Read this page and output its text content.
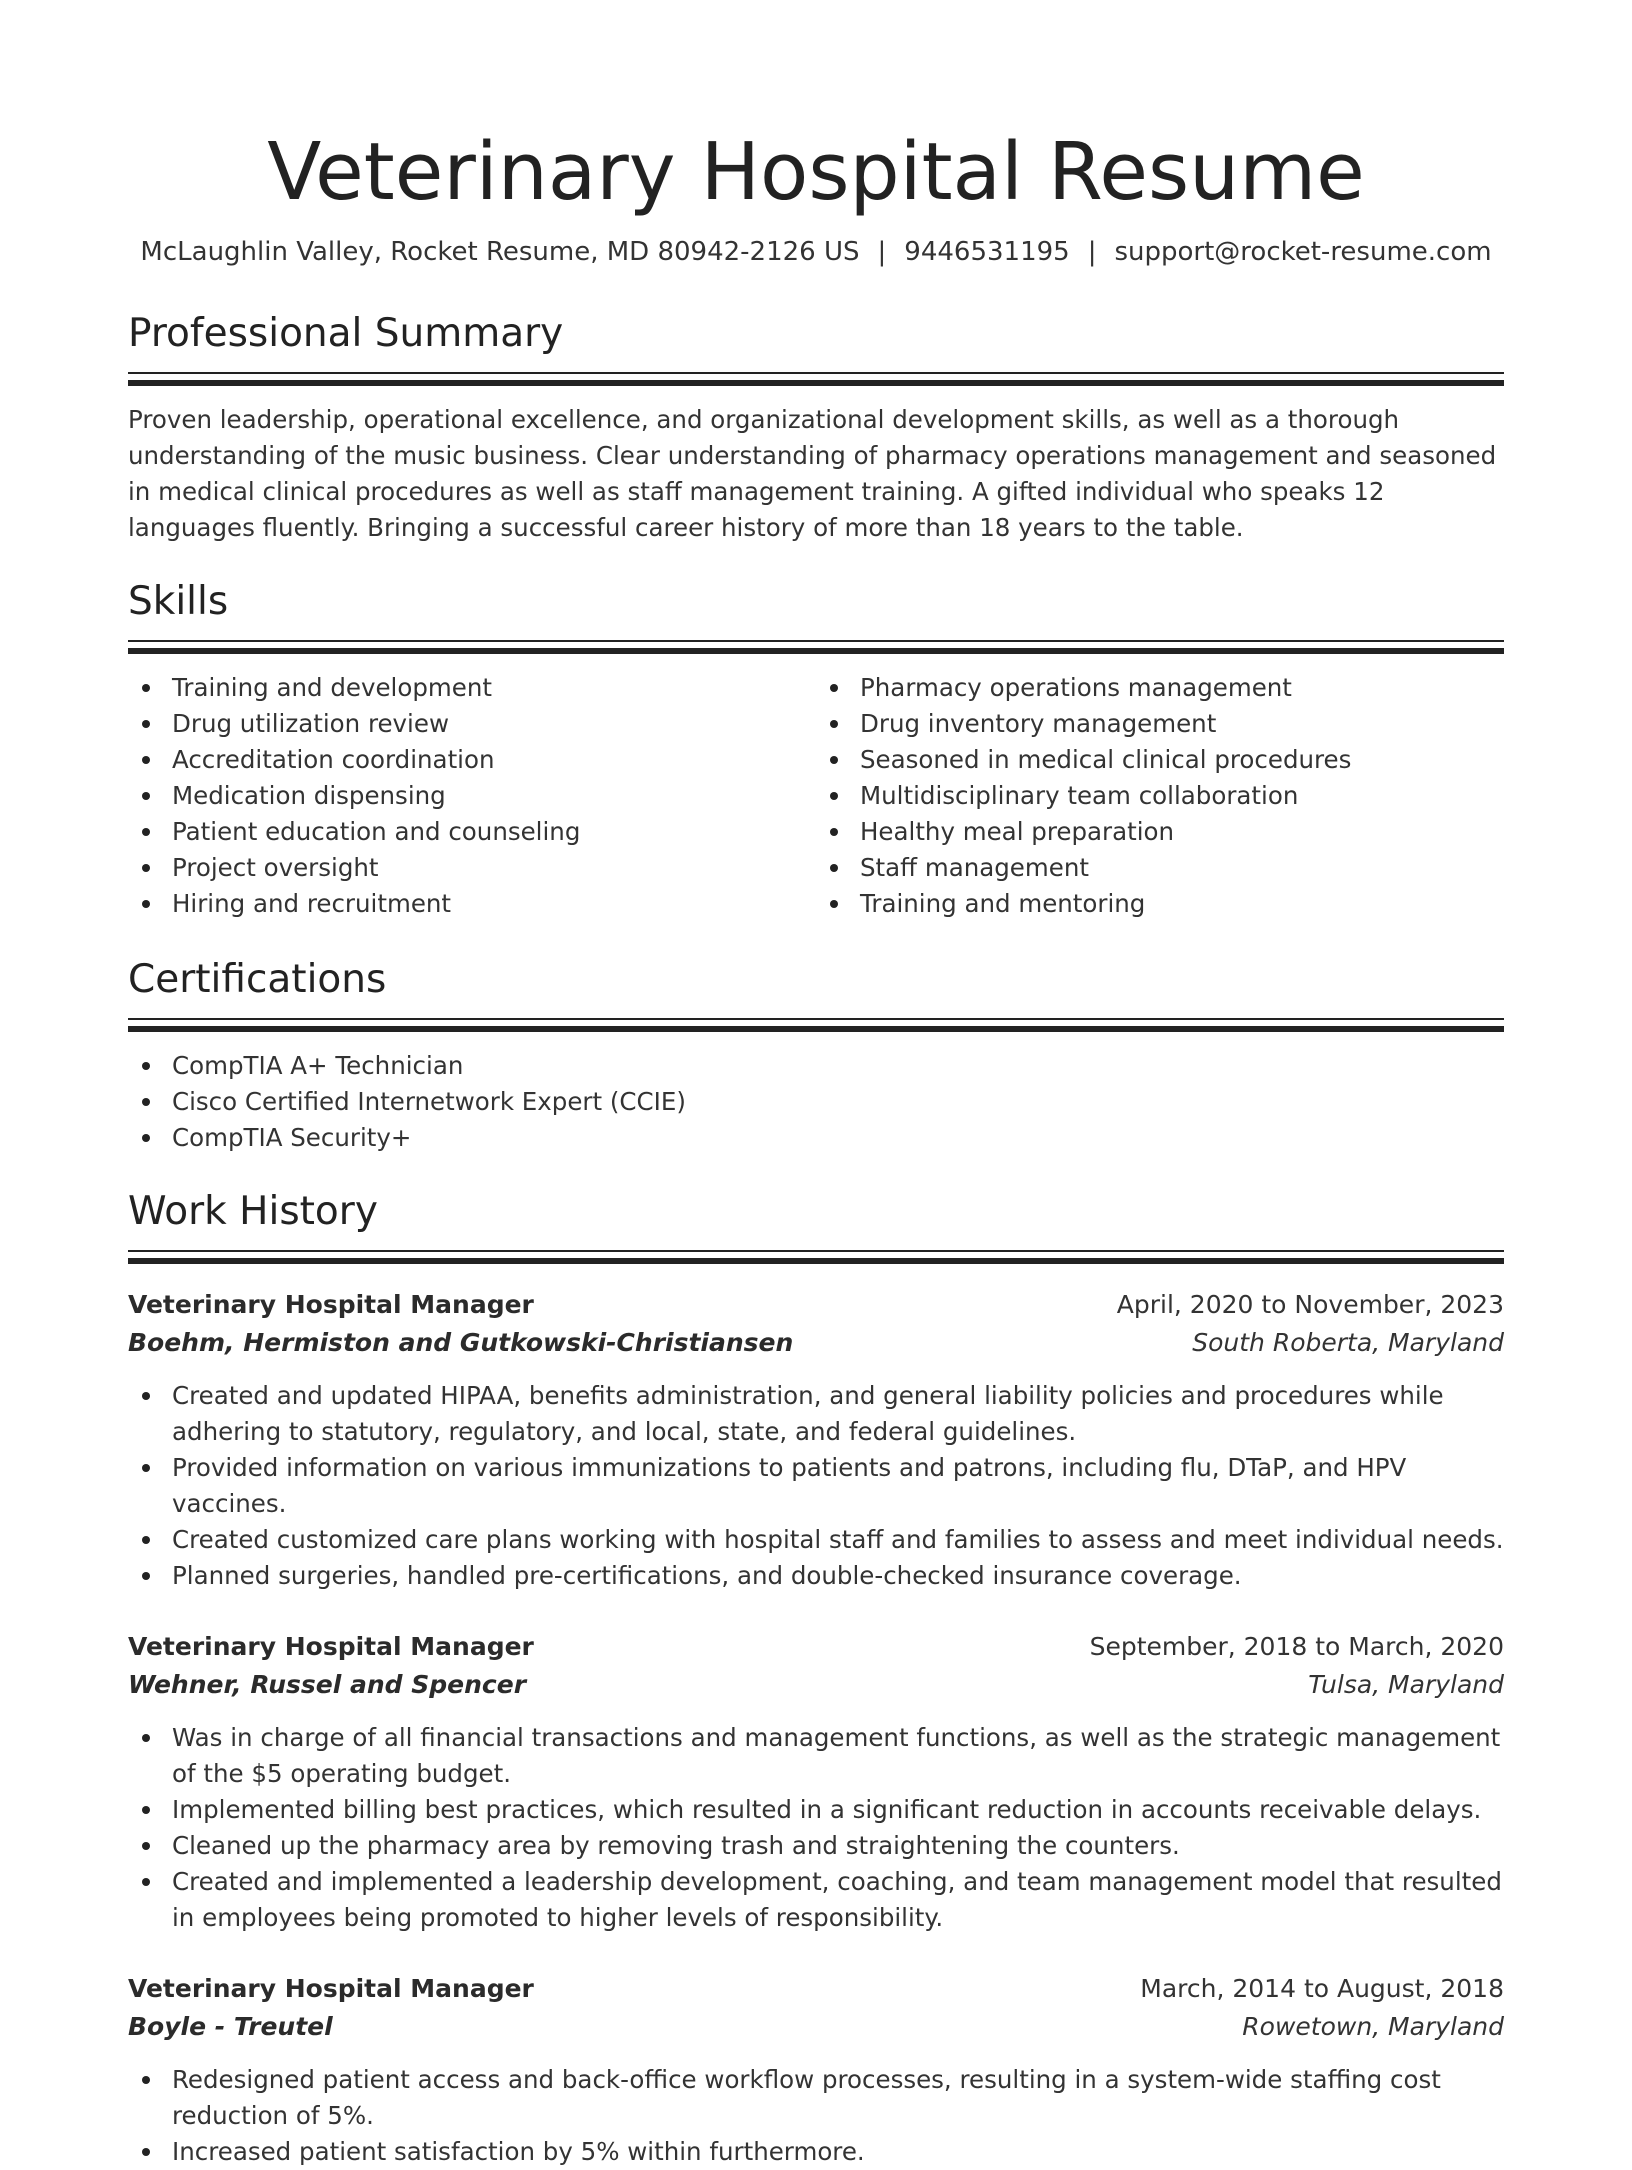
Veterinary Hospital Resume
McLaughlin Valley, Rocket Resume, MD 80942-2126 US | 9446531195 | support@rocket-resume.com
Professional Summary

Proven leadership, operational excellence, and organizational development skills, as well as a thorough understanding of the music business. Clear understanding of pharmacy operations management and seasoned in medical clinical procedures as well as staff management training. A gifted individual who speaks 12 languages fluently. Bringing a successful career history of more than 18 years to the table.

Skills
Training and development
Drug utilization review
Accreditation coordination
Medication dispensing
Patient education and counseling
Project oversight
Hiring and recruitment
Pharmacy operations management
Drug inventory management
Seasoned in medical clinical procedures
Multidisciplinary team collaboration
Healthy meal preparation
Staff management
Training and mentoring
Certifications
CompTIA A+ Technician
Cisco Certified Internetwork Expert (CCIE)
CompTIA Security+
Work History
Veterinary Hospital Manager	April, 2020 to November, 2023
Boehm, Hermiston and Gutkowski-Christiansen	South Roberta, Maryland
Created and updated HIPAA, benefits administration, and general liability policies and procedures while adhering to statutory, regulatory, and local, state, and federal guidelines.
Provided information on various immunizations to patients and patrons, including flu, DTaP, and HPV vaccines.
Created customized care plans working with hospital staff and families to assess and meet individual needs.
Planned surgeries, handled pre-certifications, and double-checked insurance coverage.
Veterinary Hospital Manager	September, 2018 to March, 2020
Wehner, Russel and Spencer	Tulsa, Maryland
Was in charge of all financial transactions and management functions, as well as the strategic management of the $5 operating budget.
Implemented billing best practices, which resulted in a significant reduction in accounts receivable delays.
Cleaned up the pharmacy area by removing trash and straightening the counters.
Created and implemented a leadership development, coaching, and team management model that resulted in employees being promoted to higher levels of responsibility.
Veterinary Hospital Manager	March, 2014 to August, 2018
Boyle - Treutel	Rowetown, Maryland
Redesigned patient access and back-office workflow processes, resulting in a system-wide staffing cost reduction of 5%.
Increased patient satisfaction by 5% within furthermore.
